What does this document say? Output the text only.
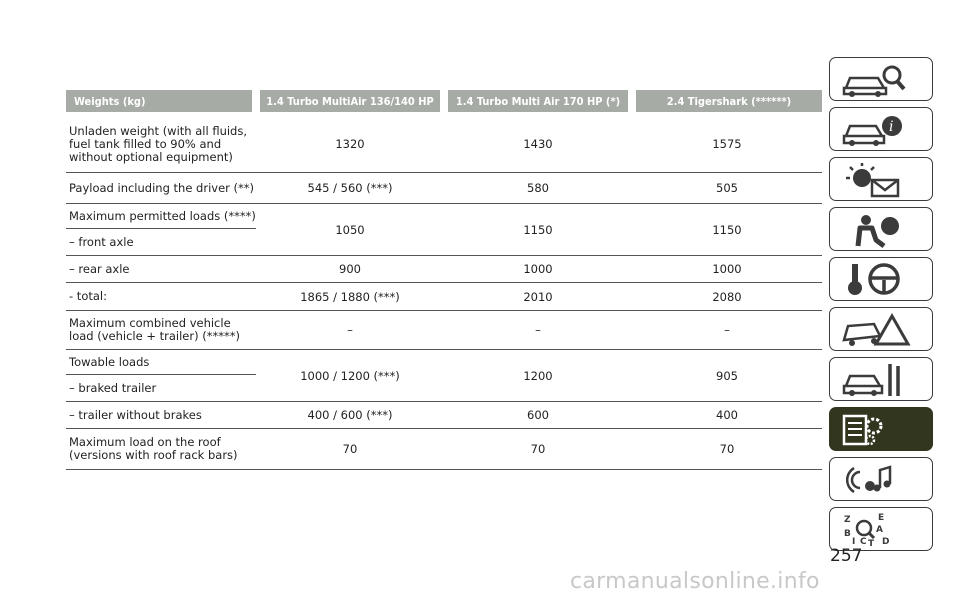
Weights (kg)	1.4 Turbo MultiAir 136/140 HP	1.4 Turbo Multi Air 170 HP (*)	2.4 Tigershark (******)
Unladen weight (with all fluids, fuel tank filled to 90% and without optional equipment)	1320	1430	1575
Payload including the driver (**)	545 / 560 (***)	580	505
Maximum permitted loads (****)	1050	1150	1150
– front axle			
– rear axle	900	1000	1000
- total:	1865 / 1880 (***)	2010	2080
Maximum combined vehicle load (vehicle + trailer) (*****)	–	–	–
Towable loads	1000 / 1200 (***)	1200	905
– braked trailer			
– trailer without brakes	400 / 600 (***)	600	400
Maximum load on the roof (versions with roof rack bars)	70	70	70
i
Z	E
B	A
I C T D
257
carmanualsonline.info
